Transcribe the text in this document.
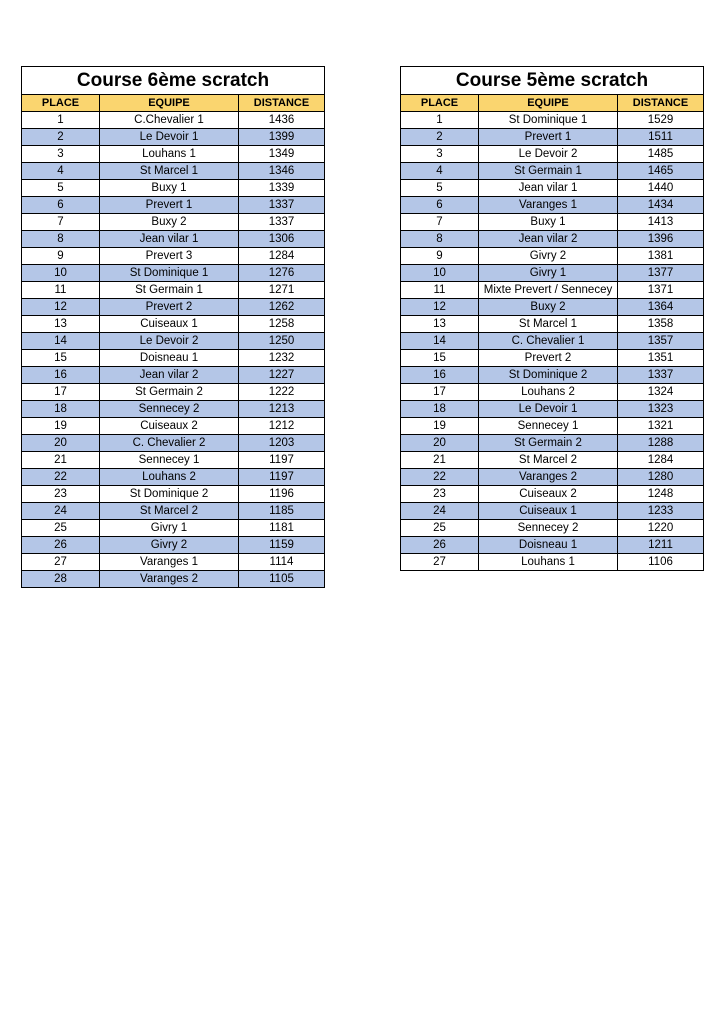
Course 6ème scratch		
PLACE	EQUIPE	DISTANCE
1	C.Chevalier 1	1436
2	Le Devoir 1	1399
3	Louhans 1	1349
4	St Marcel 1	1346
5	Buxy 1	1339
6	Prevert 1	1337
7	Buxy 2	1337
8	Jean vilar 1	1306
9	Prevert 3	1284
10	St Dominique 1	1276
11	St Germain 1	1271
12	Prevert 2	1262
13	Cuiseaux 1	1258
14	Le Devoir 2	1250
15	Doisneau 1	1232
16	Jean vilar 2	1227
17	St Germain 2	1222
18	Sennecey 2	1213
19	Cuiseaux 2	1212
20	C. Chevalier 2	1203
21	Sennecey 1	1197
22	Louhans 2	1197
23	St Dominique 2	1196
24	St Marcel 2	1185
25	Givry 1	1181
26	Givry 2	1159
27	Varanges 1	1114
28	Varanges 2	1105
Course 5ème scratch		
PLACE	EQUIPE	DISTANCE
1	St Dominique 1	1529
2	Prevert 1	1511
3	Le Devoir 2	1485
4	St Germain 1	1465
5	Jean vilar 1	1440
6	Varanges 1	1434
7	Buxy 1	1413
8	Jean vilar 2	1396
9	Givry 2	1381
10	Givry 1	1377
11	Mixte Prevert / Sennecey	1371
12	Buxy 2	1364
13	St Marcel 1	1358
14	C. Chevalier 1	1357
15	Prevert 2	1351
16	St Dominique 2	1337
17	Louhans 2	1324
18	Le Devoir 1	1323
19	Sennecey 1	1321
20	St Germain 2	1288
21	St Marcel 2	1284
22	Varanges 2	1280
23	Cuiseaux 2	1248
24	Cuiseaux 1	1233
25	Sennecey 2	1220
26	Doisneau 1	1211
27	Louhans 1	1106
